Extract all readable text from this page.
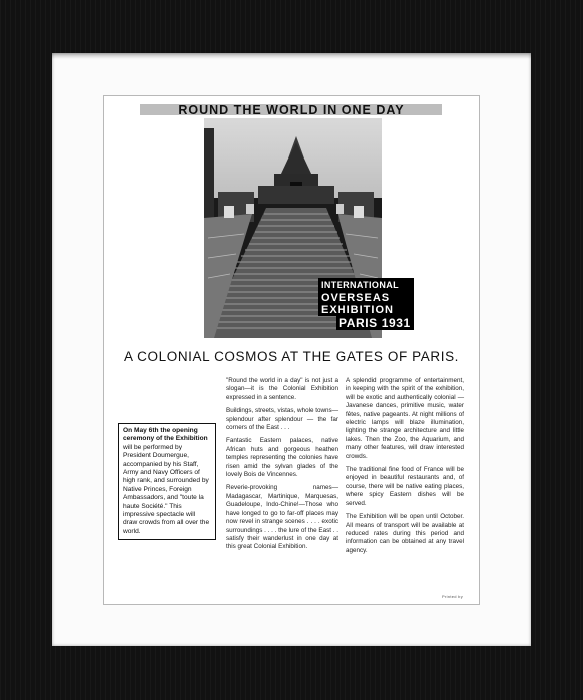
ROUND THE WORLD IN ONE DAY
INTERNATIONAL
OVERSEAS
EXHIBITION
PARIS 1931
A COLONIAL COSMOS AT THE GATES OF PARIS.
On May 6th the opening ceremony of the Exhibition will be performed by President Doumergue, accompanied by his Staff, Army and Navy Officers of high rank, and surrounded by Native Princes, Foreign Ambassadors, and "toute la haute Société." This impressive spectacle will draw crowds from all over the world.

"Round the world in a day" is not just a slogan—it is the Colonial Exhibition expressed in a sentence.

Buildings, streets, vistas, whole towns—splendour after splendour — the far corners of the East . . .

Fantastic Eastern palaces, native African huts and gorgeous heathen temples representing the colonies have risen amid the sylvan glades of the lovely Bois de Vincennes.

Reverie-provoking names—Madagascar, Martinique, Marquesas, Guadeloupe, Indo-Chine!—Those who have longed to go to far-off places may now revel in strange scenes . . . . exotic surroundings . . . . the lure of the East . . satisfy their wanderlust in one day at this great Colonial Exhibition.

A splendid programme of entertainment, in keeping with the spirit of the exhibition, will be exotic and authentically colonial — Javanese dances, primitive music, water fêtes, native pageants. At night millions of electric lamps will blaze illumination, lighting the strange architecture and little lakes. Then the Zoo, the Aquarium, and many other features, will draw interested crowds.

The traditional fine food of France will be enjoyed in beautiful restaurants and, of course, there will be native eating places, where spicy Eastern dishes will be served.

The Exhibition will be open until October. All means of transport will be available at reduced rates during this period and information can be obtained at any travel agency.

Printed by
